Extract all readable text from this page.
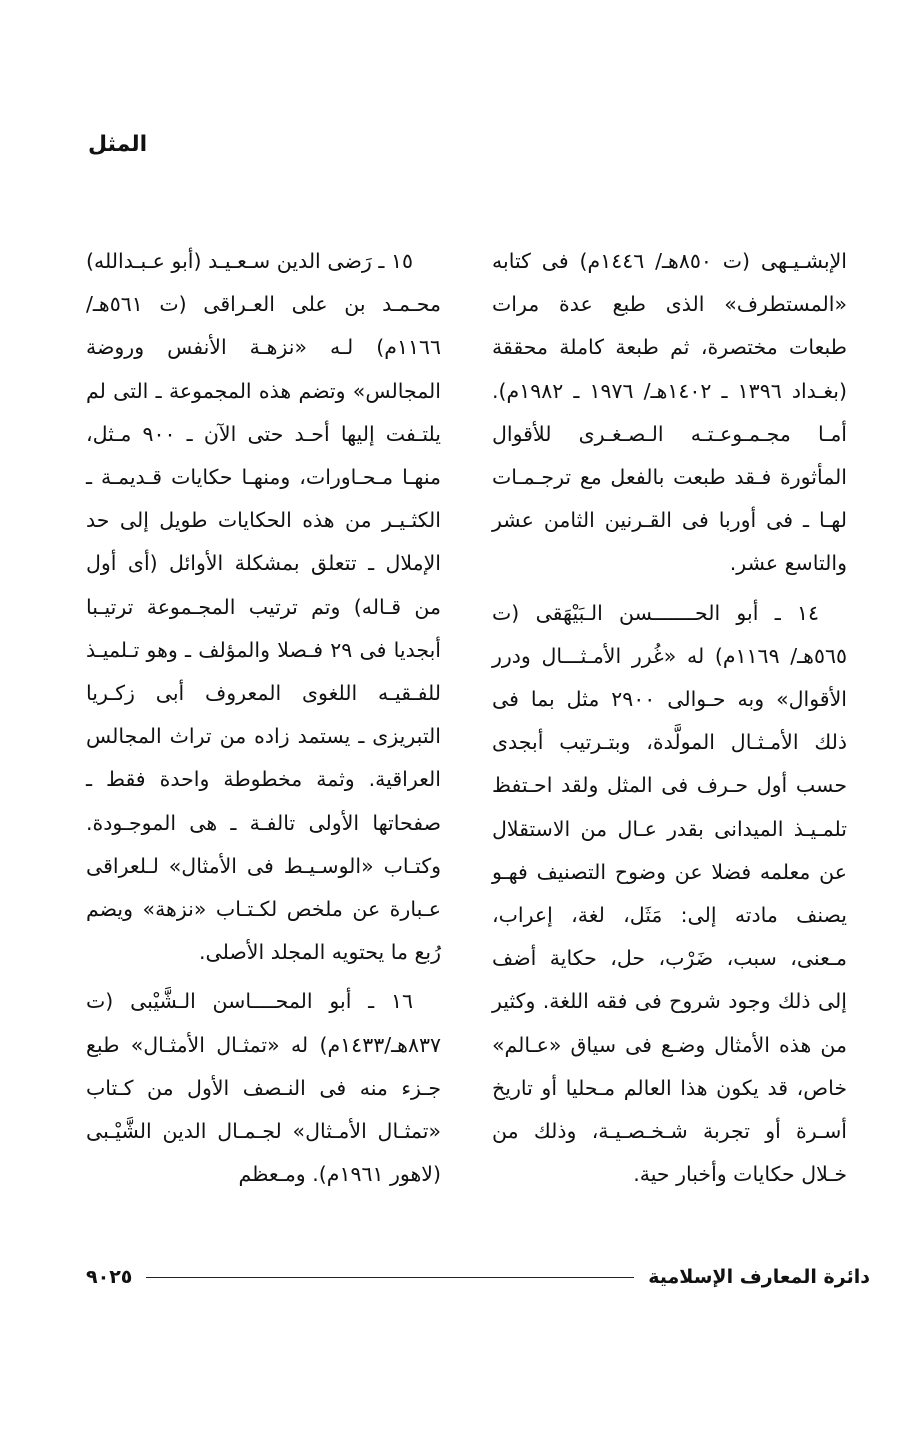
المثل

الإبشـيـهى (ت ٨٥٠هـ/ ١٤٤٦م) فى كتابه «المستطرف» الذى طبع عدة مرات طبعات مختصرة، ثم طبعة كاملة محققة (بغـداد ١٣٩٦ ـ ١٤٠٢هـ/ ١٩٧٦ ـ ١٩٨٢م). أمـا مجـمـوعـتـه الـصـغـرى للأقوال المأثورة فـقد طبعت بالفعل مع ترجـمـات لهـا ـ فى أوربا فى القـرنين الثامن عشر والتاسع عشر.

١٤ ـ أبو الحـــــــسن الـبَيْهَقى (ت ٥٦٥هـ/ ١١٦٩م) له «غُرر الأمـثـــال ودرر الأقوال» وبه حـوالى ٢٩٠٠ مثل بما فى ذلك الأمـثـال المولَّدة، وبتـرتيب أبجدى حسب أول حـرف فى المثل ولقد احـتفظ تلمـيـذ الميدانى بقدر عـال من الاستقلال عن معلمه فضلا عن وضوح التصنيف فهـو يصنف مادته إلى: مَثَل، لغة، إعراب، مـعنى، سبب، ضَرْب، حل، حكاية أضف إلى ذلك وجود شروح فى فقه اللغة. وكثير من هذه الأمثال وضـع فى سياق «عـالم» خاص، قد يكون هذا العالم مـحليا أو تاريخ أسـرة أو تجربة شـخـصـيـة، وذلك من خـلال حكايات وأخبار حية.

١٥ ـ رَضى الدين سـعـيـد (أبو عـبـدالله) محـمـد بن على العـراقى (ت ٥٦١هـ/١١٦٦م) لـه «نزهـة الأنفس وروضة المجالس» وتضم هذه المجموعة ـ التى لم يلتـفت إليها أحـد حتى الآن ـ ٩٠٠ مـثل، منهـا مـحـاورات، ومنهـا حكايات قـديمـة ـ الكثـيـر من هذه الحكايات طويل إلى حد الإملال ـ تتعلق بمشكلة الأوائل (أى أول من قـاله) وتم ترتيب المجـموعة ترتيـبا أبجديا فى ٢٩ فـصلا والمؤلف ـ وهو تـلميـذ للفـقيـه اللغوى المعروف أبى زكـريا التبريزى ـ يستمد زاده من تراث المجالس العراقية. وثمة مخطوطة واحدة فقط ـ صفحاتها الأولى تالفـة ـ هى الموجـودة. وكتـاب «الوسـيـط فى الأمثال» لـلعراقى عـبارة عن ملخص لكـتـاب «نزهة» ويضم رُبع ما يحتويه المجلد الأصلى.

١٦ ـ أبو المحــــاسن الـشَّيْبى (ت ٨٣٧هـ/١٤٣٣م) له «تمثـال الأمثـال» طبع جـزء منه فى النـصف الأول من كـتاب «تمثـال الأمـثال» لجـمـال الدين الشَّيْـبى (لاهور ١٩٦١م). ومـعظم

دائرة المعارف الإسلامية
٩٠٢٥
